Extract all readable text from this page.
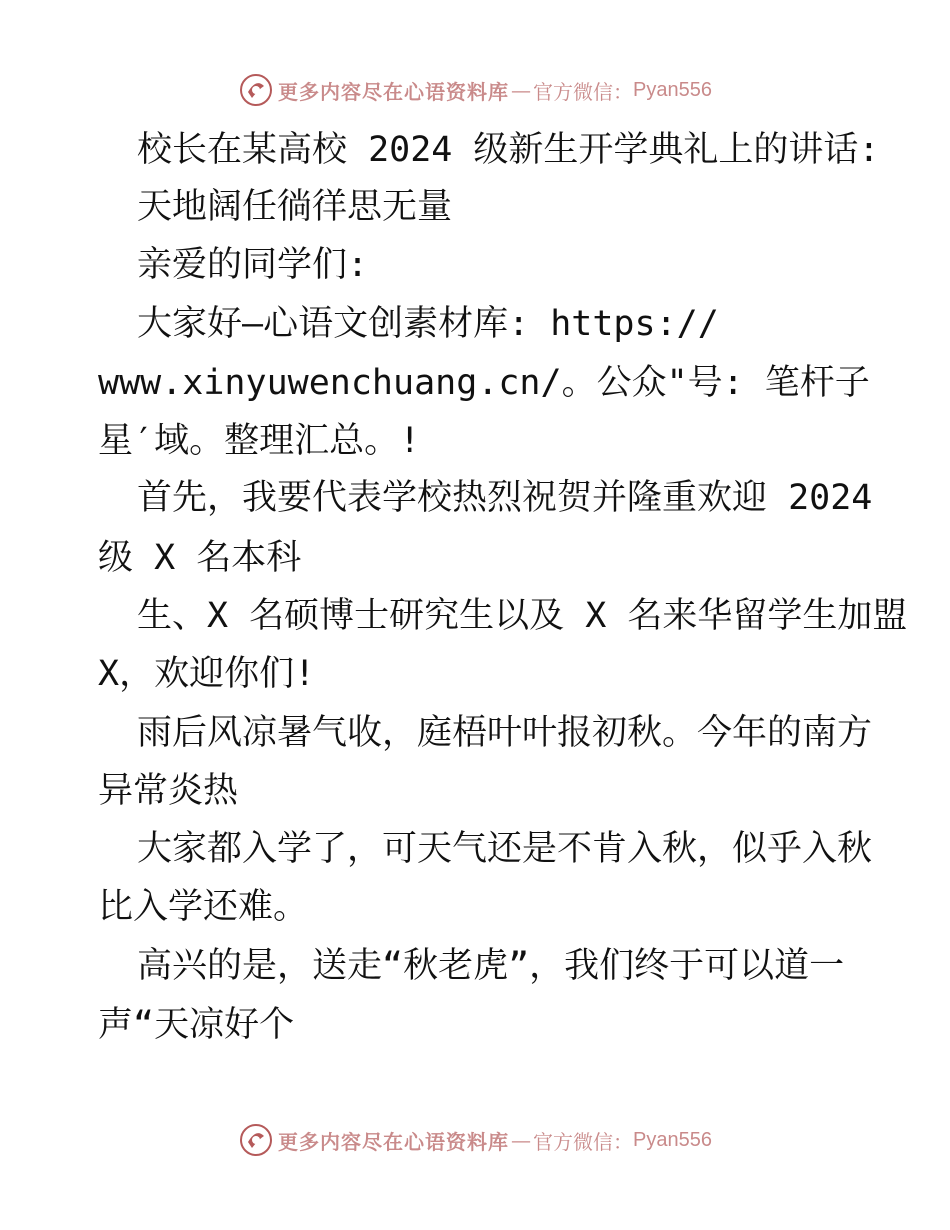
更多内容尽在心语资料库 — 官方微信： Pyan556
校长在某高校 2024 级新生开学典礼上的讲话:
天地阔任徜徉思无量
亲爱的同学们:
大家好—心语文创素材库: https://
www.xinyuwenchuang.cn/。公众"号: 笔杆子
星′域。整理汇总。!
首先，我要代表学校热烈祝贺并隆重欢迎 2024
级 X 名本科
生、X 名硕博士研究生以及 X 名来华留学生加盟
X，欢迎你们!
雨后风凉暑气收，庭梧叶叶报初秋。今年的南方
异常炎热
大家都入学了，可天气还是不肯入秋，似乎入秋
比入学还难。
高兴的是，送走“秋老虎”，我们终于可以道一
声“天凉好个
更多内容尽在心语资料库 — 官方微信： Pyan556
